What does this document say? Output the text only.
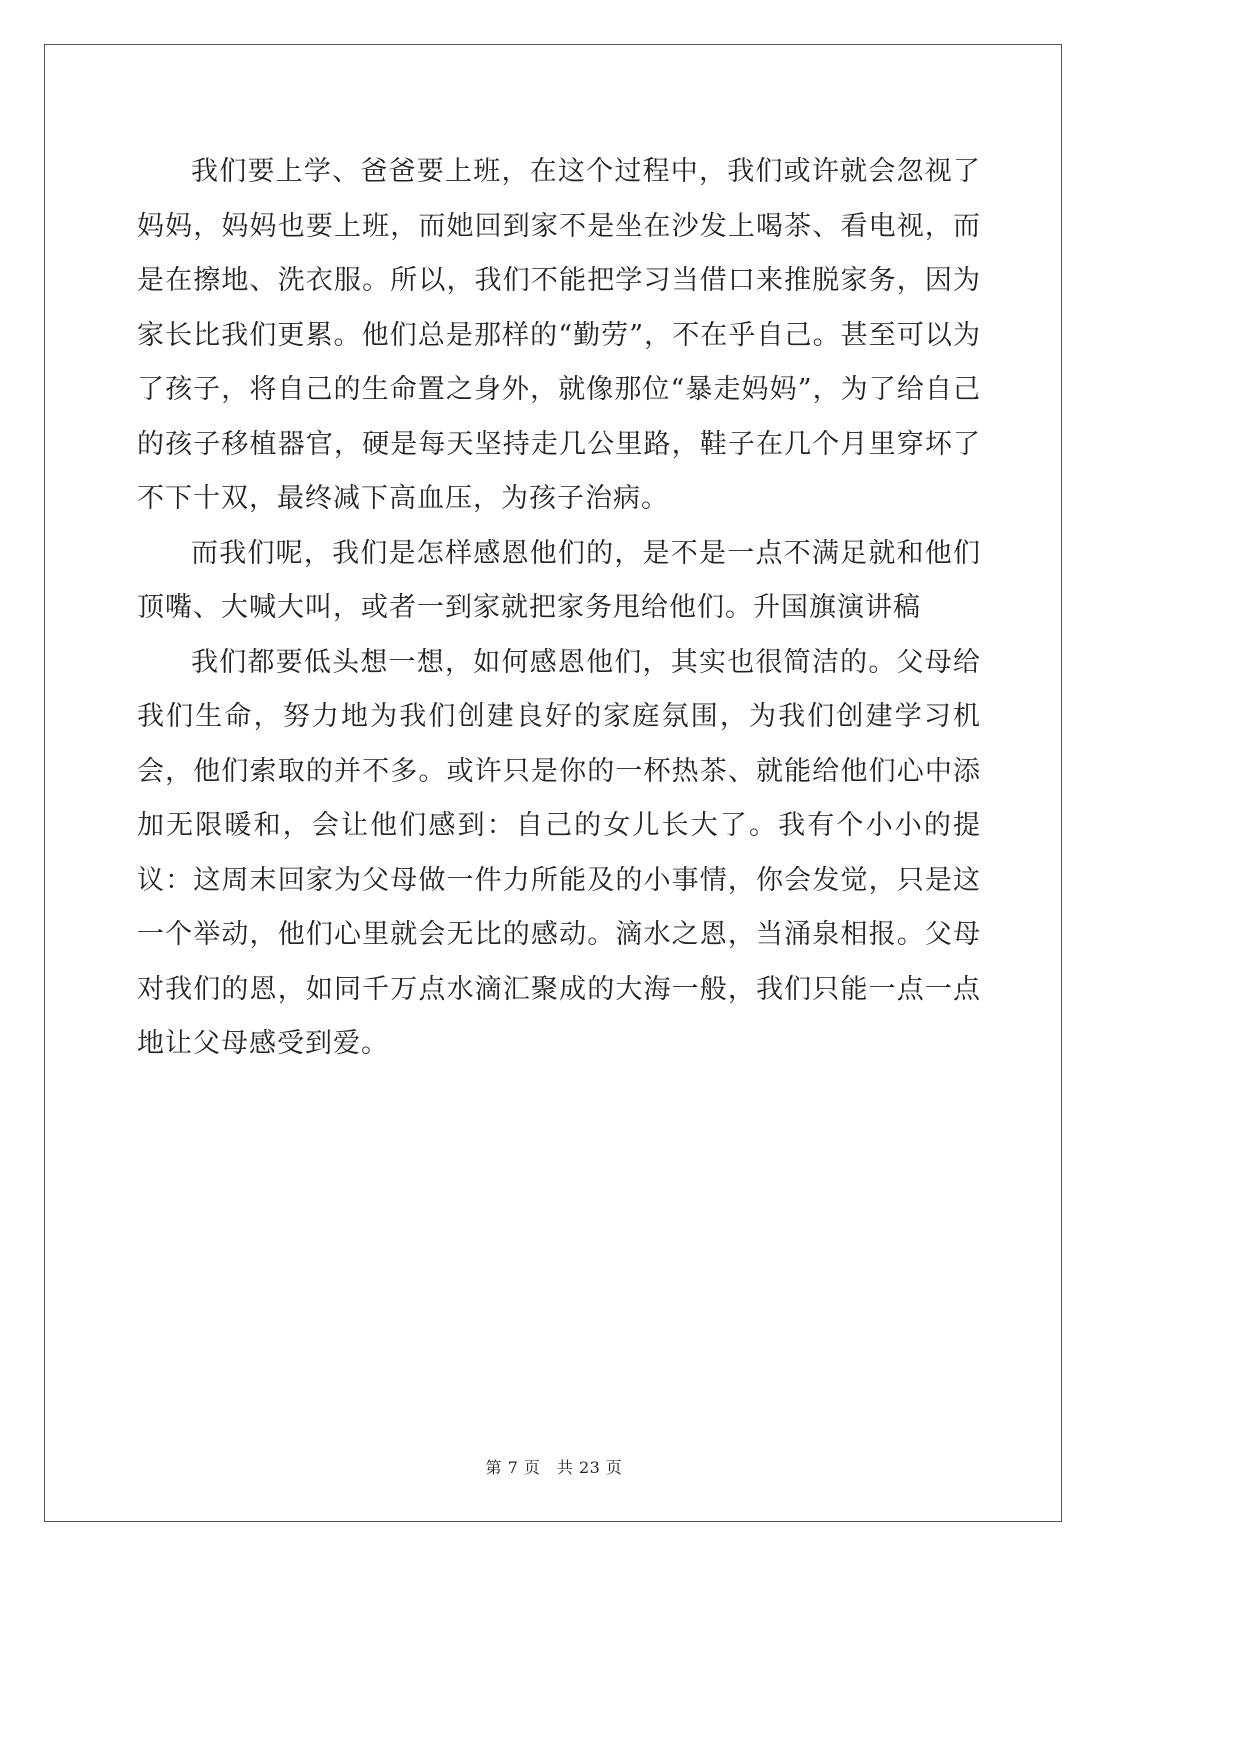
我们要上学、爸爸要上班，在这个过程中，我们或许就会忽视了妈妈，妈妈也要上班，而她回到家不是坐在沙发上喝茶、看电视，而是在擦地、洗衣服。所以，我们不能把学习当借口来推脱家务，因为家长比我们更累。他们总是那样的“勤劳”，不在乎自己。甚至可以为了孩子，将自己的生命置之身外，就像那位“暴走妈妈”，为了给自己的孩子移植器官，硬是每天坚持走几公里路，鞋子在几个月里穿坏了不下十双，最终减下高血压，为孩子治病。

而我们呢，我们是怎样感恩他们的，是不是一点不满足就和他们顶嘴、大喊大叫，或者一到家就把家务甩给他们。升国旗演讲稿

我们都要低头想一想，如何感恩他们，其实也很简洁的。父母给我们生命，努力地为我们创建良好的家庭氛围，为我们创建学习机会，他们索取的并不多。或许只是你的一杯热茶、就能给他们心中添加无限暖和，会让他们感到：自己的女儿长大了。我有个小小的提议：这周末回家为父母做一件力所能及的小事情，你会发觉，只是这一个举动，他们心里就会无比的感动。滴水之恩，当涌泉相报。父母对我们的恩，如同千万点水滴汇聚成的大海一般，我们只能一点一点地让父母感受到爱。

第 7 页　共 23 页
